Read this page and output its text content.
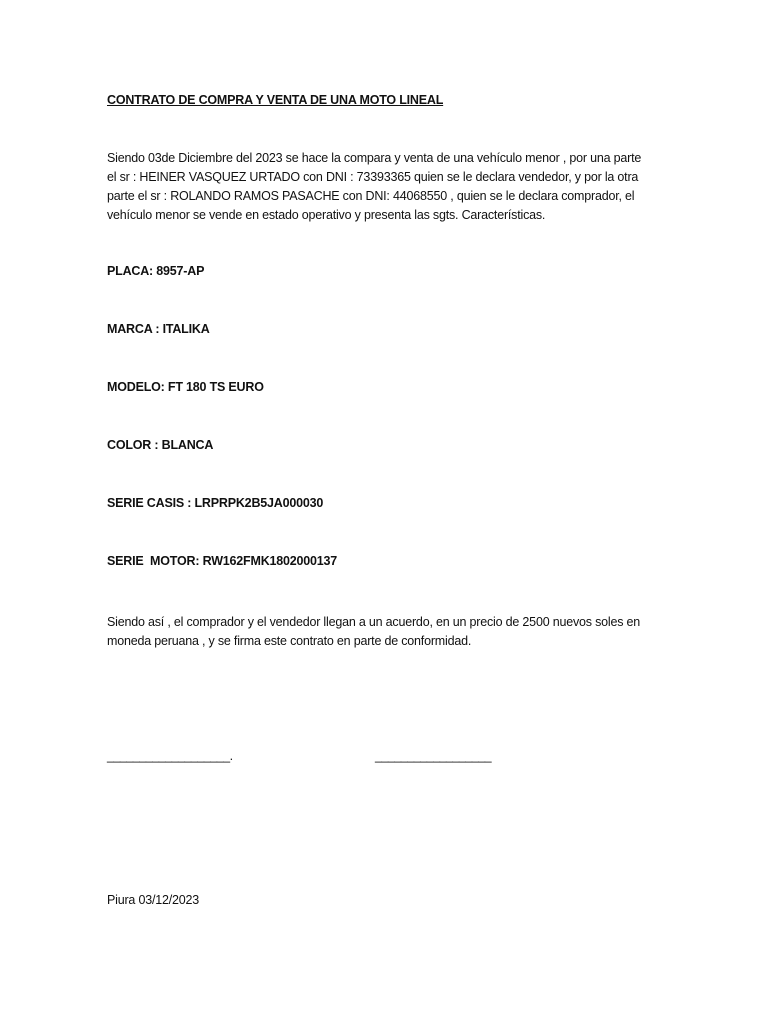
CONTRATO DE COMPRA Y VENTA DE UNA MOTO LINEAL
Siendo 03de Diciembre del 2023 se hace la compara y venta de una vehículo menor , por una parte
el sr : HEINER VASQUEZ URTADO con DNI : 73393365 quien se le declara vendedor, y por la otra
parte el sr : ROLANDO RAMOS PASACHE con DNI: 44068550 , quien se le declara comprador, el
vehículo menor se vende en estado operativo y presenta las sgts. Características.
PLACA: 8957-AP
MARCA : ITALIKA
MODELO: FT 180 TS EURO
COLOR : BLANCA
SERIE CASIS : LRPRPK2B5JA000030
SERIE  MOTOR: RW162FMK1802000137
Siendo así , el comprador y el vendedor llegan a un acuerdo, en un precio de 2500 nuevos soles en
moneda peruana , y se firma este contrato en parte de conformidad.
___________________.	__________________
Piura 03/12/2023
